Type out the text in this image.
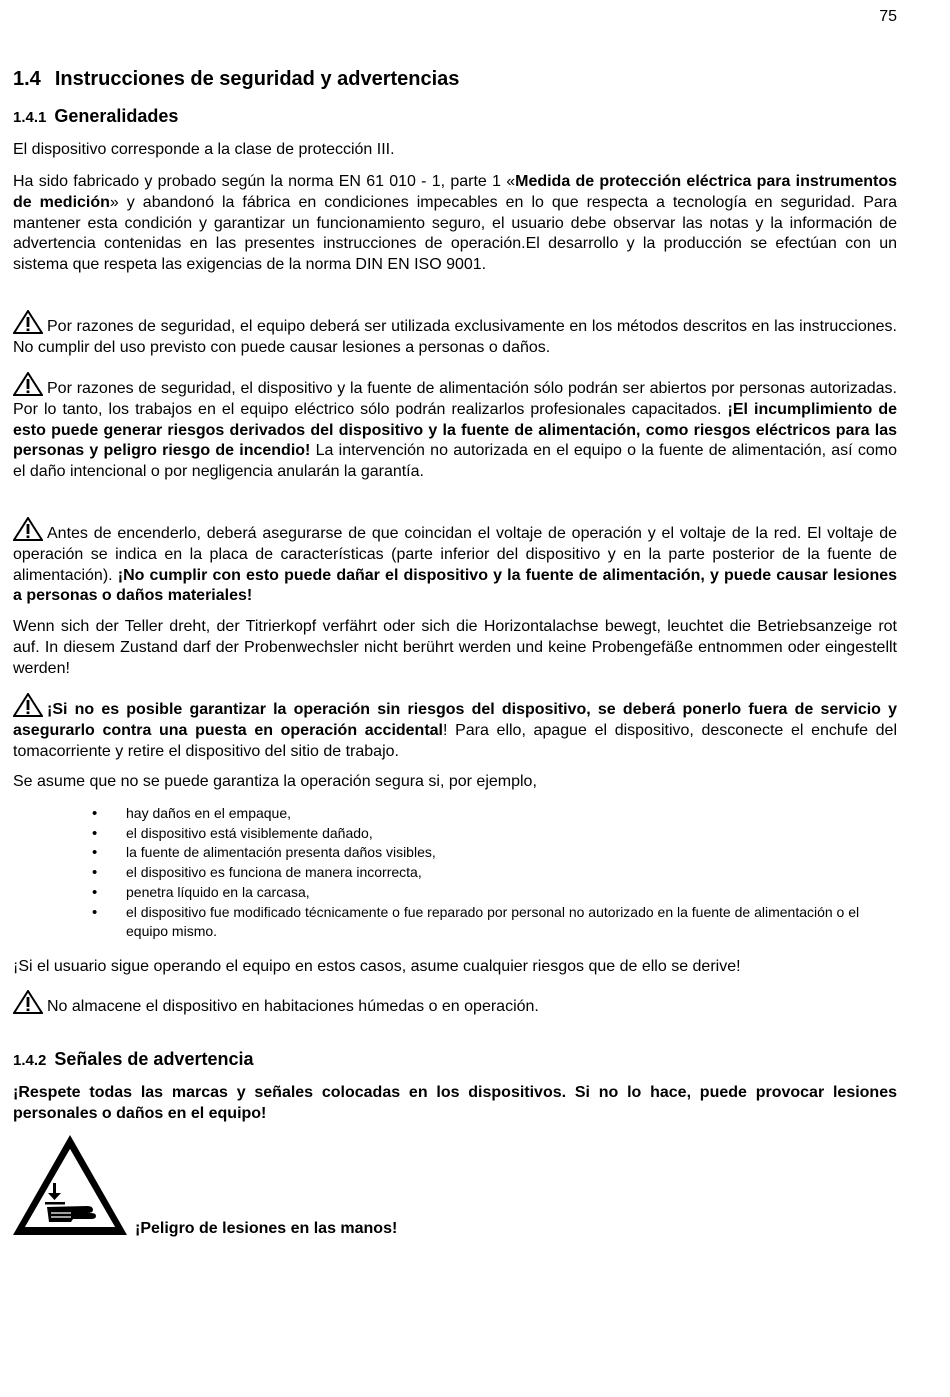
75
1.4 Instrucciones de seguridad y advertencias
1.4.1 Generalidades

El dispositivo corresponde a la clase de protección III.

Ha sido fabricado y probado según la norma EN 61 010 - 1, parte 1 «Medida de protección eléctrica para instrumentos de medición» y abandonó la fábrica en condiciones impecables en lo que respecta a tecnología en seguridad. Para mantener esta condición y garantizar un funcionamiento seguro, el usuario debe observar las notas y la información de advertencia contenidas en las presentes instrucciones de operación.El desarrollo y la producción se efectúan con un sistema que respeta las exigencias de la norma DIN EN ISO 9001.

Por razones de seguridad, el equipo deberá ser utilizada exclusivamente en los métodos descritos en las instrucciones. No cumplir del uso previsto con puede causar lesiones a personas o daños.

Por razones de seguridad, el dispositivo y la fuente de alimentación sólo podrán ser abiertos por personas autorizadas. Por lo tanto, los trabajos en el equipo eléctrico sólo podrán realizarlos profesionales capacitados. ¡El incumplimiento de esto puede generar riesgos derivados del dispositivo y la fuente de alimentación, como riesgos eléctricos para las personas y peligro riesgo de incendio! La intervención no autorizada en el equipo o la fuente de alimentación, así como el daño intencional o por negligencia anularán la garantía.

Antes de encenderlo, deberá asegurarse de que coincidan el voltaje de operación y el voltaje de la red. El voltaje de operación se indica en la placa de características (parte inferior del dispositivo y en la parte posterior de la fuente de alimentación). ¡No cumplir con esto puede dañar el dispositivo y la fuente de alimentación, y puede causar lesiones a personas o daños materiales!

Wenn sich der Teller dreht, der Titrierkopf verfährt oder sich die Horizontalachse bewegt, leuchtet die Betriebsanzeige rot auf. In diesem Zustand darf der Probenwechsler nicht berührt werden und keine Probengefäße entnommen oder eingestellt werden!

¡Si no es posible garantizar la operación sin riesgos del dispositivo, se deberá ponerlo fuera de servicio y asegurarlo contra una puesta en operación accidental! Para ello, apague el dispositivo, desconecte el enchufe del tomacorriente y retire el dispositivo del sitio de trabajo.

Se asume que no se puede garantiza la operación segura si, por ejemplo,

• hay daños en el empaque,
• el dispositivo está visiblemente dañado,
• la fuente de alimentación presenta daños visibles,
• el dispositivo es funciona de manera incorrecta,
• penetra líquido en la carcasa,
• el dispositivo fue modificado técnicamente o fue reparado por personal no autorizado en la fuente de alimentación o el equipo mismo.

¡Si el usuario sigue operando el equipo en estos casos, asume cualquier riesgos que de ello se derive!

No almacene el dispositivo en habitaciones húmedas o en operación.

1.4.2 Señales de advertencia

¡Respete todas las marcas y señales colocadas en los dispositivos. Si no lo hace, puede provocar lesiones personales o daños en el equipo!

¡Peligro de lesiones en las manos!
